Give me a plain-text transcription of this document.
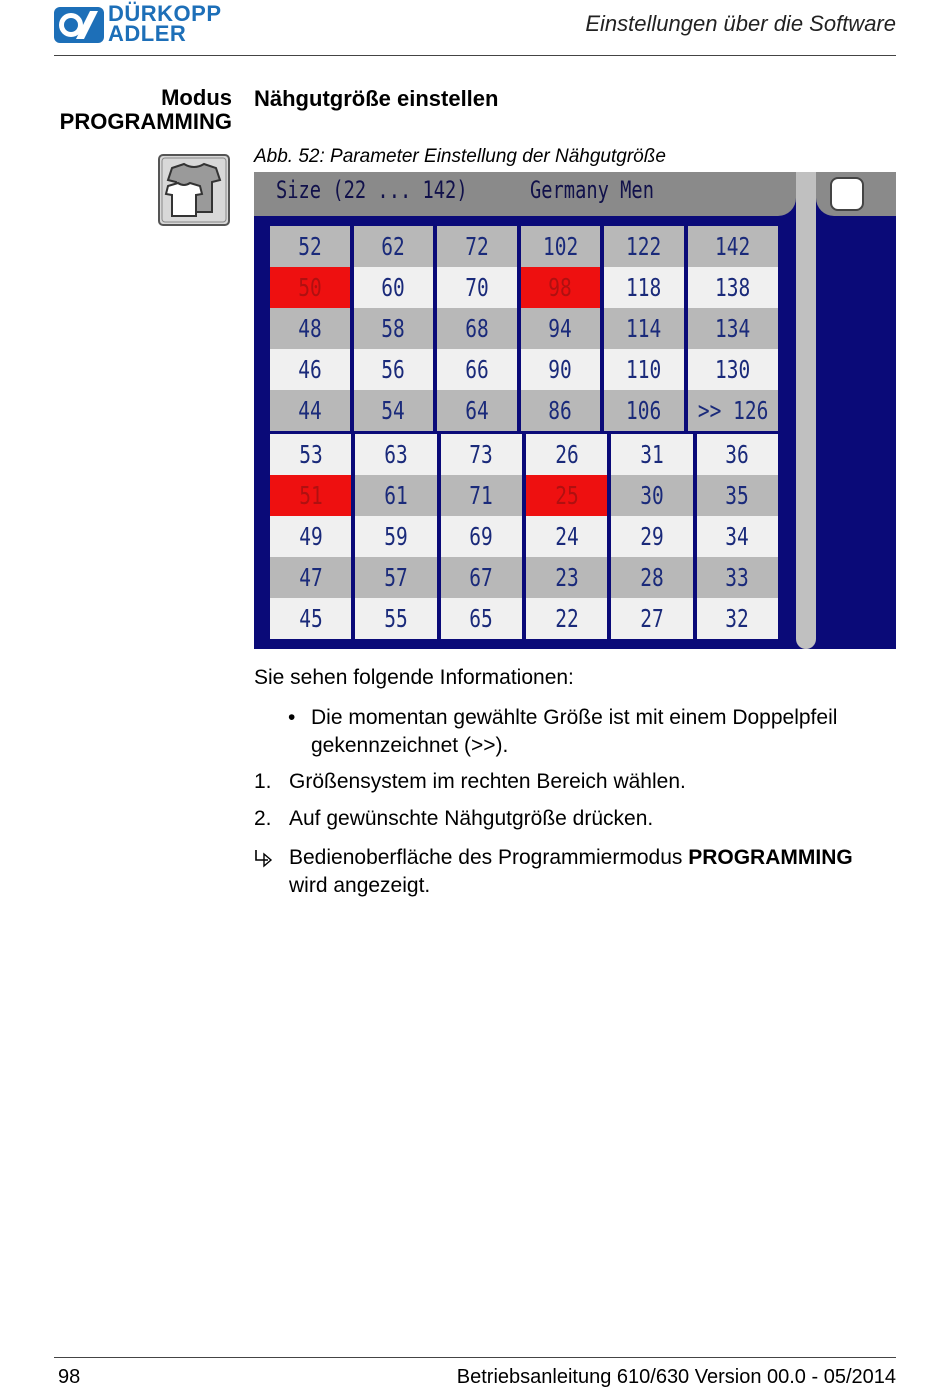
DÜRKOPP
ADLER	Einstellungen über die Software
Modus
PROGRAMMING
Nähgutgröße einstellen
Abb. 52: Parameter Einstellung der Nähgutgröße
Size (22 ... 142)	Germany Men
52 62 72 102 122 142
50 60 70 98 118 138
48 58 68 94 114 134
46 56 66 90 110 130
44 54 64 86 106 >> 126
53 63 73 26 31 36
51 61 71 25 30 35
49 59 69 24 29 34
47 57 67 23 28 33
45 55 65 22 27 32
Sie sehen folgende Informationen:
• Die momentan gewählte Größe ist mit einem Doppelpfeil gekennzeichnet (>>).
1. Größensystem im rechten Bereich wählen.
2. Auf gewünschte Nähgutgröße drücken.
Bedienoberfläche des Programmiermodus PROGRAMMING wird angezeigt.
98	Betriebsanleitung 610/630 Version 00.0 - 05/2014
